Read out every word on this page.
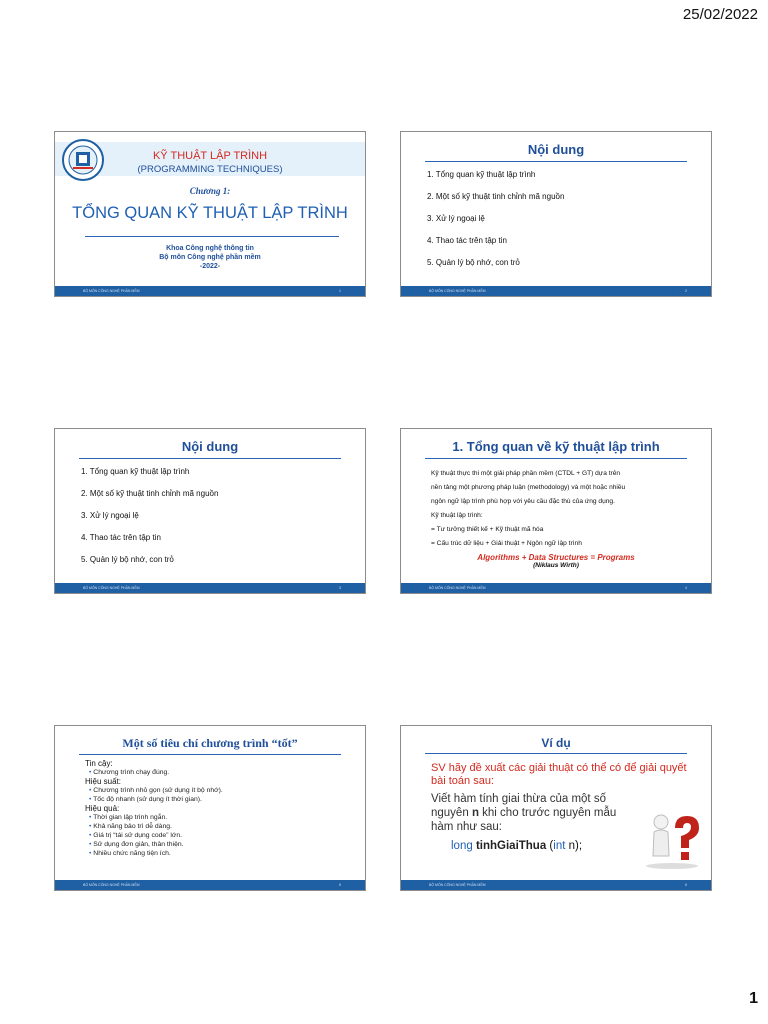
25/02/2022
KỸ THUẬT LẬP TRÌNH
(PROGRAMMING TECHNIQUES)
Chương 1:
TỔNG QUAN KỸ THUẬT LẬP TRÌNH
Khoa Công nghệ thông tin
Bộ môn Công nghệ phần mềm
-2022-
BỘ MÔN CÔNG NGHỆ PHẦN MỀM	1
Nội dung
1. Tổng quan kỹ thuật lập trình
2. Một số kỹ thuật tinh chỉnh mã nguồn
3. Xử lý ngoại lệ
4. Thao tác trên tập tin
5. Quản lý bộ nhớ, con trỏ
BỘ MÔN CÔNG NGHỆ PHẦN MỀM	2
Nội dung
1. Tổng quan kỹ thuật lập trình
2. Một số kỹ thuật tinh chỉnh mã nguồn
3. Xử lý ngoại lệ
4. Thao tác trên tập tin
5. Quản lý bộ nhớ, con trỏ
BỘ MÔN CÔNG NGHỆ PHẦN MỀM	3
1. Tổng quan về kỹ thuật lập trình
Kỹ thuật thực thi một giải pháp phần mềm (CTDL + GT) dựa trên
nền tảng một phương pháp luận (methodology) và một hoặc nhiều
ngôn ngữ lập trình phù hợp với yêu cầu đặc thù của ứng dụng.
Kỹ thuật lập trình:
= Tư tưởng thiết kế + Kỹ thuật mã hóa
= Cấu trúc dữ liệu + Giải thuật + Ngôn ngữ lập trình
Algorithms + Data Structures = Programs
(Niklaus Wirth)
BỘ MÔN CÔNG NGHỆ PHẦN MỀM	4
Một số tiêu chí chương trình “tốt”
Tin cậy:
• Chương trình chạy đúng.
Hiệu suất:
• Chương trình nhỏ gọn (sử dụng ít bộ nhớ).
• Tốc độ nhanh (sử dụng ít thời gian).
Hiệu quả:
• Thời gian lập trình ngắn.
• Khả năng bảo trì dễ dàng.
• Giá trị “tái sử dụng code” lớn.
• Sử dụng đơn giản, thân thiện.
• Nhiều chức năng tiện ích.
BỘ MÔN CÔNG NGHỆ PHẦN MỀM	5
Ví dụ
SV hãy đề xuất các giải thuật có thể có để giải quyết bài toán sau:
Viết hàm tính giai thừa của một số nguyên n khi cho trước nguyên mẫu hàm như sau:
long tinhGiaiThua (int n);
BỘ MÔN CÔNG NGHỆ PHẦN MỀM	6
1
